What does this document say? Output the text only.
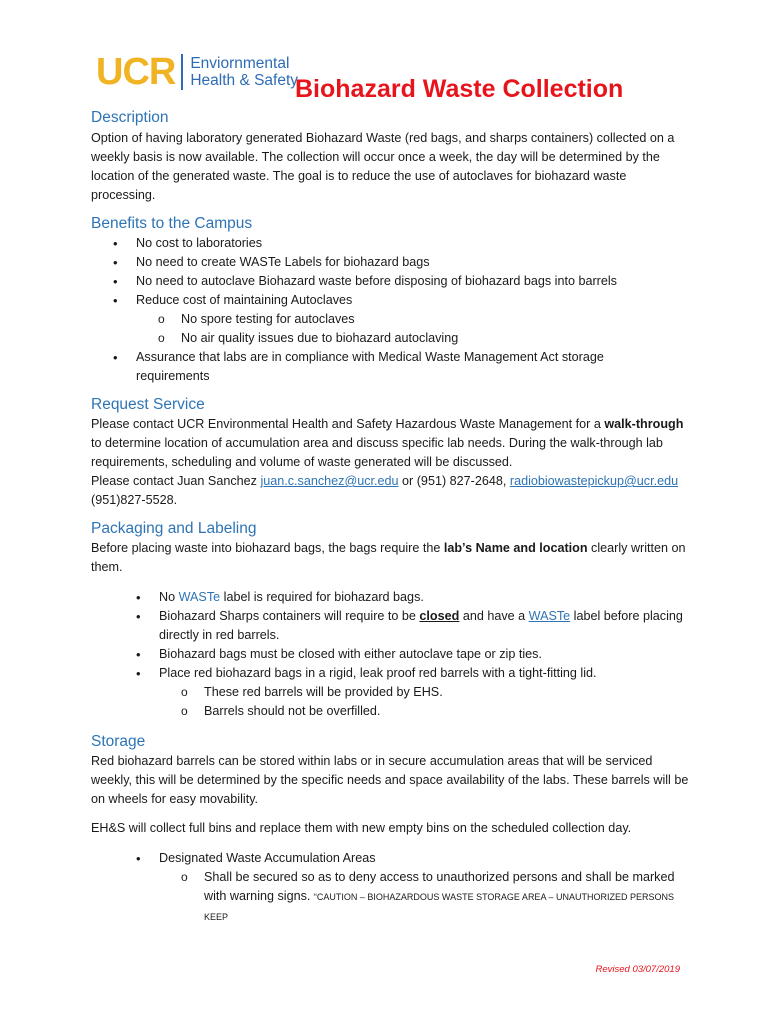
UCR Enviornmental
Health & Safety
Biohazard Waste Collection
Description

Option of having laboratory generated Biohazard Waste (red bags, and sharps containers) collected on a weekly basis is now available. The collection will occur once a week, the day will be determined by the location of the generated waste. The goal is to reduce the use of autoclaves for biohazard waste processing.

Benefits to the Campus
• No cost to laboratories
• No need to create WASTe Labels for biohazard bags
• No need to autoclave Biohazard waste before disposing of biohazard bags into barrels
• Reduce cost of maintaining Autoclaves
o No spore testing for autoclaves
o No air quality issues due to biohazard autoclaving
• Assurance that labs are in compliance with Medical Waste Management Act storage requirements
Request Service

Please contact UCR Environmental Health and Safety Hazardous Waste Management for a walk-through to determine location of accumulation area and discuss specific lab needs. During the walk-through lab requirements, scheduling and volume of waste generated will be discussed.

Please contact Juan Sanchez juan.c.sanchez@ucr.edu or (951) 827-2648, radiobiowastepickup@ucr.edu
(951)827-5528.

Packaging and Labeling

Before placing waste into biohazard bags, the bags require the lab’s Name and location clearly written on them.

• No WASTe label is required for biohazard bags.
• Biohazard Sharps containers will require to be closed and have a WASTe label before placing directly in red barrels.
• Biohazard bags must be closed with either autoclave tape or zip ties.
• Place red biohazard bags in a rigid, leak proof red barrels with a tight-fitting lid.
o These red barrels will be provided by EHS.
o Barrels should not be overfilled.
Storage

Red biohazard barrels can be stored within labs or in secure accumulation areas that will be serviced weekly, this will be determined by the specific needs and space availability of the labs. These barrels will be on wheels for easy movability.

EH&S will collect full bins and replace them with new empty bins on the scheduled collection day.

• Designated Waste Accumulation Areas
o Shall be secured so as to deny access to unauthorized persons and shall be marked with warning signs. “CAUTION – BIOHAZARDOUS WASTE STORAGE AREA – UNAUTHORIZED PERSONS KEEP
Revised 03/07/2019
